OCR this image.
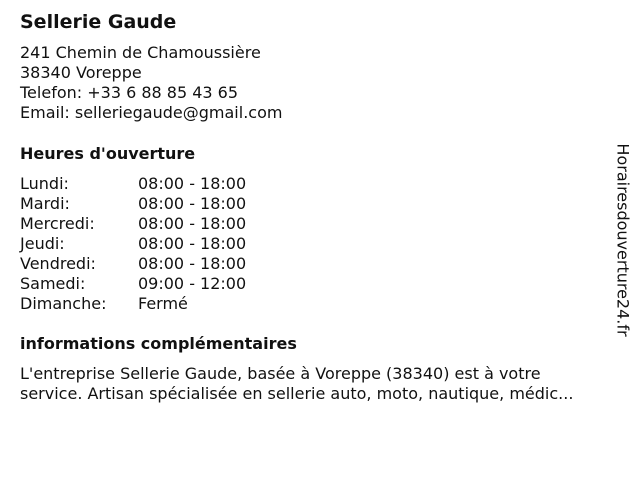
Sellerie Gaude
241 Chemin de Chamoussière
38340 Voreppe
Telefon: +33 6 88 85 43 65
Email: selleriegaude@gmail.com
Heures d'ouverture
Lundi:	08:00 - 18:00
Mardi:	08:00 - 18:00
Mercredi:	08:00 - 18:00
Jeudi:	08:00 - 18:00
Vendredi:	08:00 - 18:00
Samedi:	09:00 - 12:00
Dimanche:	Fermé
informations complémentaires
L'entreprise Sellerie Gaude, basée à Voreppe (38340) est à votre
service. Artisan spécialisée en sellerie auto, moto, nautique, médic...
Horairesdouverture24.fr
